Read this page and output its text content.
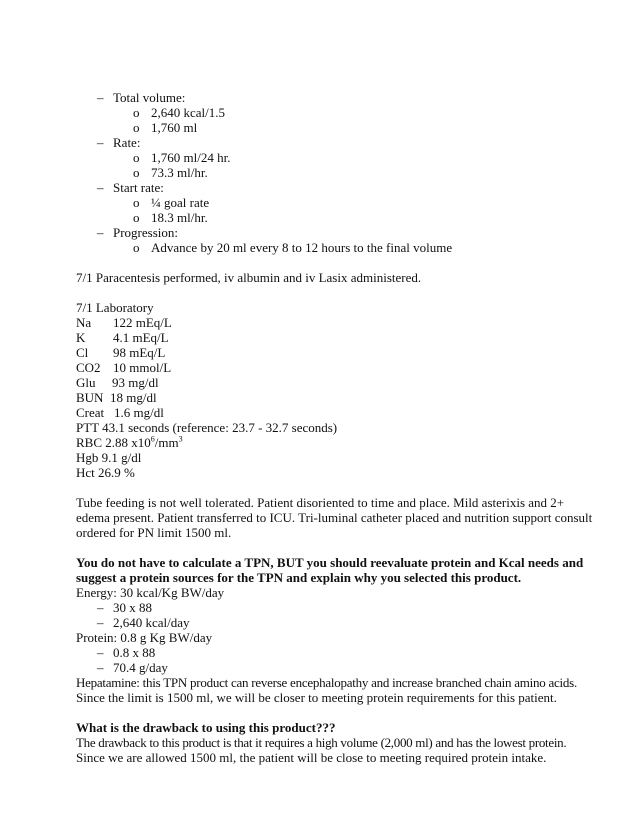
– Total volume:
o 2,640 kcal/1.5
o 1,760 ml
– Rate:
o 1,760 ml/24 hr.
o 73.3 ml/hr.
– Start rate:
o ¼ goal rate
o 18.3 ml/hr.
– Progression:
o Advance by 20 ml every 8 to 12 hours to the final volume
7/1 Paracentesis performed, iv albumin and iv Lasix administered.
7/1 Laboratory
Na 122 mEq/L
K 4.1 mEq/L
Cl 98 mEq/L
CO2 10 mmol/L
Glu 93 mg/dl
BUN 18 mg/dl
Creat 1.6 mg/dl
PTT 43.1 seconds (reference: 23.7 - 32.7 seconds)
RBC 2.88 $x10^6/mm^3$
Hgb 9.1 g/dl
Hct 26.9 %
Tube feeding is not well tolerated. Patient disoriented to time and place. Mild asterixis and 2+
edema present. Patient transferred to ICU. Tri-luminal catheter placed and nutrition support consult
ordered for PN limit 1500 ml.
You do not have to calculate a TPN, BUT you should reevaluate protein and Kcal needs and
suggest a protein sources for the TPN and explain why you selected this product.
Energy: 30 kcal/Kg BW/day
– 30 x 88
– 2,640 kcal/day
Protein: 0.8 g Kg BW/day
– 0.8 x 88
– 70.4 g/day
Hepatamine: this TPN product can reverse encephalopathy and increase branched chain amino acids.
Since the limit is 1500 ml, we will be closer to meeting protein requirements for this patient.
What is the drawback to using this product???
The drawback to this product is that it requires a high volume (2,000 ml) and has the lowest protein.
Since we are allowed 1500 ml, the patient will be close to meeting required protein intake.
